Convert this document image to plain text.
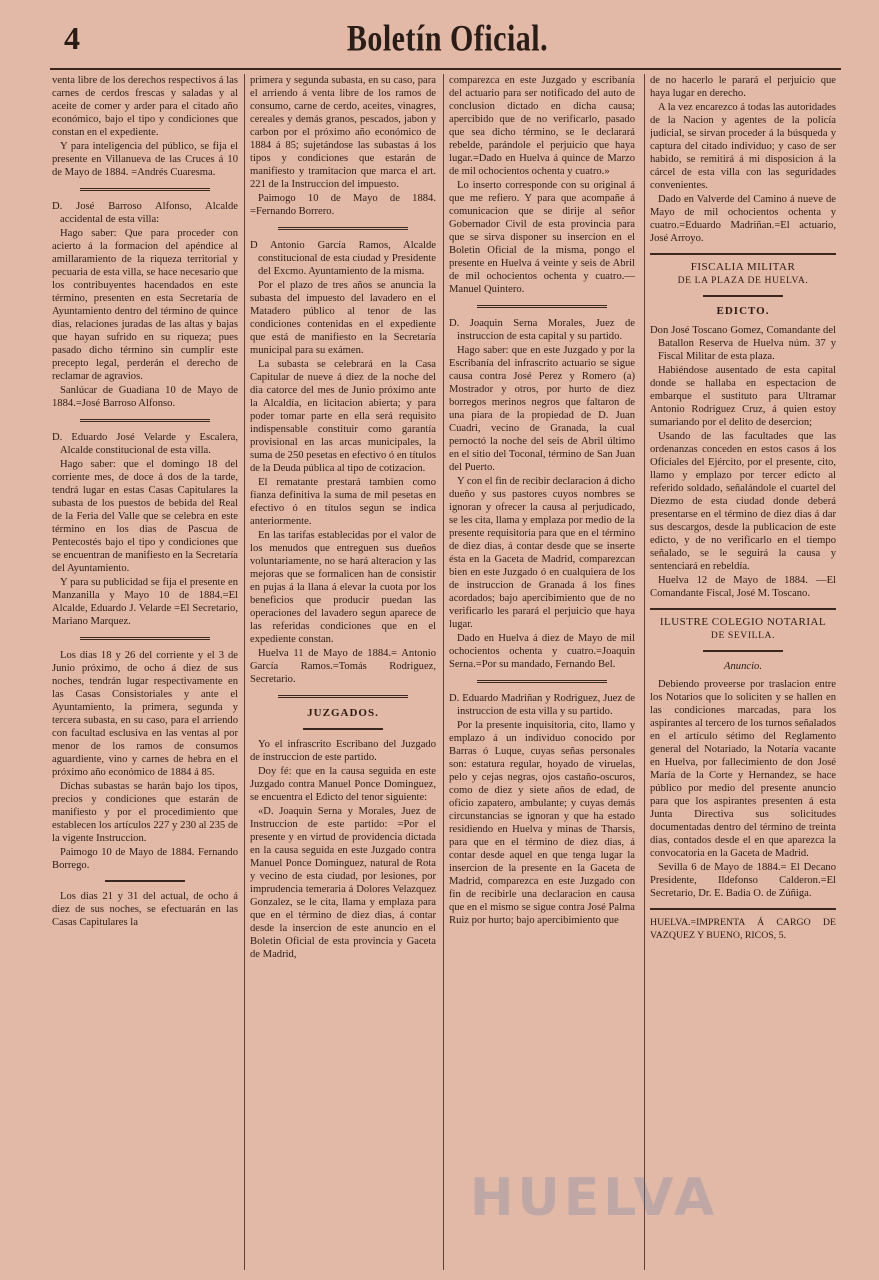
4	Boletín Oficial.

venta libre de los derechos respectivos á las carnes de cerdos frescas y saladas y al aceite de comer y arder para el citado año económico, bajo el tipo y condiciones que constan en el expediente.

Y para inteligencia del público, se fija el presente en Villanueva de las Cruces á 10 de Mayo de 1884. =Andrés Cuaresma.

D. José Barroso Alfonso, Alcalde accidental de esta villa:

Hago saber: Que para proceder con acierto á la formacion del apéndice al amillaramiento de la riqueza territorial y pecuaria de esta villa, se hace necesario que los contribuyentes hacendados en este término, presenten en esta Secretaría de Ayuntamiento dentro del término de quince dias, relaciones juradas de las altas y bajas que hayan sufrido en su riqueza; pues pasado dicho término sin cumplir este precepto legal, perderán el derecho de reclamar de agravios.

Sanlúcar de Guadiana 10 de Mayo de 1884.=José Barroso Alfonso.

D. Eduardo José Velarde y Escalera, Alcalde constitucional de esta villa.

Hago saber: que el domingo 18 del corriente mes, de doce á dos de la tarde, tendrá lugar en estas Casas Capitulares la subasta de los puestos de bebida del Real de la Feria del Valle que se celebra en este término en los dias de Pascua de Pentecostés bajo el tipo y condiciones que se encuentran de manifiesto en la Secretaría del Ayuntamiento.

Y para su publicidad se fija el presente en Manzanilla y Mayo 10 de 1884.=El Alcalde, Eduardo J. Velarde =El Secretario, Mariano Marquez.

Los dias 18 y 26 del corriente y el 3 de Junio próximo, de ocho á diez de sus noches, tendrán lugar respectivamente en las Casas Consistoriales y ante el Ayuntamiento, la primera, segunda y tercera subasta, en su caso, para el arriendo con facultad esclusiva en las ventas al por menor de los ramos de consumos aguardiente, vino y carnes de hebra en el próximo año económico de 1884 á 85.

Dichas subastas se harán bajo los tipos, precios y condiciones que estarán de manifiesto y por el procedimiento que establecen los artículos 227 y 230 al 235 de la vigente Instruccion.

Paimogo 10 de Mayo de 1884. Fernando Borrego.

Los dias 21 y 31 del actual, de ocho á diez de sus noches, se efectuarán en las Casas Capitulares la

primera y segunda subasta, en su caso, para el arriendo á venta libre de los ramos de consumo, carne de cerdo, aceites, vinagres, cereales y demás granos, pescados, jabon y carbon por el próximo año económico de 1884 á 85; sujetándose las subastas á los tipos y condiciones que estarán de manifiesto y tramitacion que marca el art. 221 de la Instruccion del impuesto.

Paimogo 10 de Mayo de 1884. =Fernando Borrero.

D Antonio García Ramos, Alcalde constitucional de esta ciudad y Presidente del Excmo. Ayuntamiento de la misma.

Por el plazo de tres años se anuncia la subasta del impuesto del lavadero en el Matadero público al tenor de las condiciones contenidas en el expediente que está de manifiesto en la Secretaría municipal para su exámen.

La subasta se celebrará en la Casa Capitular de nueve á diez de la noche del dia catorce del mes de Junio próximo ante la Alcaldía, en licitacion abierta; y para poder tomar parte en ella será requisito indispensable constituir como garantía provisional en las arcas municipales, la suma de 250 pesetas en efectivo ó en títulos de la Deuda pública al tipo de cotizacion.

El rematante prestará tambien como fianza definitiva la suma de mil pesetas en efectivo ó en títulos segun se indica anteriormente.

En las tarifas establecidas por el valor de los menudos que entreguen sus dueños voluntariamente, no se hará alteracion y las mejoras que se formalicen han de consistir en pujas á la llana á elevar la cuota por los beneficios que producir puedan las operaciones del lavadero segun aparece de las referidas condiciones que en el expediente constan.

Huelva 11 de Mayo de 1884.= Antonio García Ramos.=Tomás Rodriguez, Secretario.

JUZGADOS.

Yo el infrascrito Escribano del Juzgado de instruccion de este partido.

Doy fé: que en la causa seguida en este Juzgado contra Manuel Ponce Dominguez, se encuentra el Edicto del tenor siguiente:

«D. Joaquin Serna y Morales, Juez de Instruccion de este partido: =Por el presente y en virtud de providencia dictada en la causa seguida en este Juzgado contra Manuel Ponce Dominguez, natural de Rota y vecino de esta ciudad, por lesiones, por imprudencia temeraria á Dolores Velazquez Gonzalez, se le cita, llama y emplaza para que en el término de diez dias, á contar desde la insercion de este anuncio en el Boletin Oficial de esta provincia y Gaceta de Madrid,

comparezca en este Juzgado y escribanía del actuario para ser notificado del auto de conclusion dictado en dicha causa; apercibido que de no verificarlo, pasado que sea dicho término, se le declarará rebelde, parándole el perjuicio que haya lugar.=Dado en Huelva á quince de Marzo de mil ochocientos ochenta y cuatro.»

Lo inserto corresponde con su original á que me refiero. Y para que acompañe á comunicacion que se dirije al señor Gobernador Civil de esta provincia para que se sirva disponer su insercion en el Boletin Oficial de la misma, pongo el presente en Huelva á veinte y seis de Abril de mil ochocientos ochenta y cuatro.—Manuel Quintero.

D. Joaquin Serna Morales, Juez de instruccion de esta capital y su partido.

Hago saber: que en este Juzgado y por la Escribanía del infrascrito actuario se sigue causa contra José Perez y Romero (a) Mostrador y otros, por hurto de diez borregos merinos negros que faltaron de una piara de la propiedad de D. Juan Cuadri, vecino de Granada, la cual pernoctó la noche del seis de Abril último en el sitio del Toconal, término de San Juan del Puerto.

Y con el fin de recibir declaracion á dicho dueño y sus pastores cuyos nombres se ignoran y ofrecer la causa al perjudicado, se les cita, llama y emplaza por medio de la presente requisitoria para que en el término de diez dias, á contar desde que se inserte ésta en la Gaceta de Madrid, comparezcan bien en este Juzgado ó en cualquiera de los de instruccion de Granada á los fines acordados; bajo apercibimiento que de no verificarlo les parará el perjuicio que haya lugar.

Dado en Huelva á diez de Mayo de mil ochocientos ochenta y cuatro.=Joaquin Serna.=Por su mandado, Fernando Bel.

D. Eduardo Madriñan y Rodriguez, Juez de instruccion de esta villa y su partido.

Por la presente inquisitoria, cito, llamo y emplazo á un individuo conocido por Barras ó Luque, cuyas señas personales son: estatura regular, hoyado de viruelas, pelo y cejas negras, ojos castaño-oscuros, como de diez y siete años de edad, de oficio zapatero, ambulante; y cuyas demás circunstancias se ignoran y que ha estado residiendo en Huelva y minas de Tharsis, para que en el término de diez dias, á contar desde aquel en que tenga lugar la insercion de la presente en la Gaceta de Madrid, comparezca en este Juzgado con fin de recibirle una declaracion en causa que en el mismo se sigue contra José Palma Ruiz por hurto; bajo apercibimiento que

de no hacerlo le parará el perjuicio que haya lugar en derecho.

A la vez encarezco á todas las autoridades de la Nacion y agentes de la policía judicial, se sirvan proceder á la búsqueda y captura del citado individuo; y caso de ser habido, se remitirá á mi disposicion á la cárcel de esta villa con las seguridades convenientes.

Dado en Valverde del Camino á nueve de Mayo de mil ochocientos ochenta y cuatro.=Eduardo Madriñan.=El actuario, José Arroyo.

FISCALIA MILITAR

DE LA PLAZA DE HUELVA.

EDICTO.

Don José Toscano Gomez, Comandante del Batallon Reserva de Huelva núm. 37 y Fiscal Militar de esta plaza.

Habiéndose ausentado de esta capital donde se hallaba en espectacion de embarque el sustituto para Ultramar Antonio Rodriguez Cruz, á quien estoy sumariando por el delito de desercion;

Usando de las facultades que las ordenanzas conceden en estos casos á los Oficiales del Ejército, por el presente, cito, llamo y emplazo por tercer edicto al referido soldado, señalándole el cuartel del Diezmo de esta ciudad donde deberá presentarse en el término de diez dias á dar sus descargos, desde la publicacion de este edicto, y de no verificarlo en el tiempo señalado, se le seguirá la causa y sentenciará en rebeldía.

Huelva 12 de Mayo de 1884. —El Comandante Fiscal, José M. Toscano.

ILUSTRE COLEGIO NOTARIAL

DE SEVILLA.

Anuncio.

Debiendo proveerse por traslacion entre los Notarios que lo soliciten y se hallen en las condiciones marcadas, para los aspirantes al tercero de los turnos señalados en el artículo sétimo del Reglamento general del Notariado, la Notaría vacante en Huelva, por fallecimiento de don José María de la Corte y Hernandez, se hace público por medio del presente anuncio para que los aspirantes presenten á esta Junta Directiva sus solicitudes documentadas dentro del término de treinta dias, contados desde el en que aparezca la convocatoria en la Gaceta de Madrid.

Sevilla 6 de Mayo de 1884.= El Decano Presidente, Ildefonso Calderon.=El Secretario, Dr. E. Badia O. de Zúñiga.

HUELVA.=IMPRENTA Á CARGO DE VAZQUEZ Y BUENO, RICOS, 5.

HUELVA
